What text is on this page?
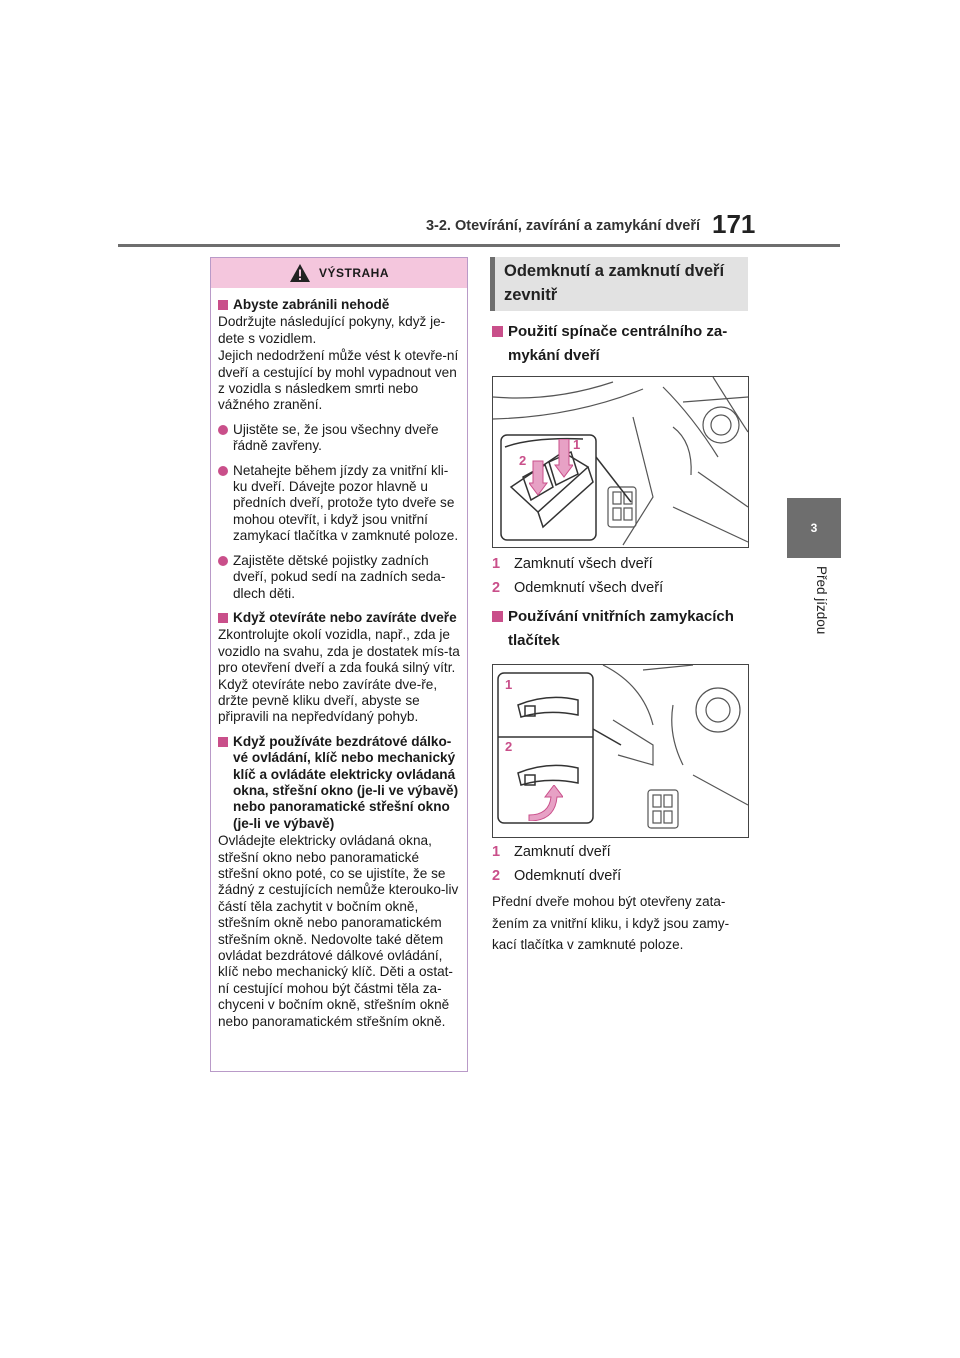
3-2. Otevírání, zavírání a zamykání dveří 171
3
Před jízdou
VÝSTRAHA
Abyste zabránili nehodě
Dodržujte následující pokyny, když je-dete s vozidlem.
Jejich nedodržení může vést k otevře-ní dveří a cestující by mohl vypadnout ven z vozidla s následkem smrti nebo vážného zranění.
Ujistěte se, že jsou všechny dveře řádně zavřeny.
Netahejte během jízdy za vnitřní kli-ku dveří. Dávejte pozor hlavně u předních dveří, protože tyto dveře se mohou otevřít, i když jsou vnitřní zamykací tlačítka v zamknuté poloze.
Zajistěte dětské pojistky zadních dveří, pokud sedí na zadních seda-dlech děti.
Když otevíráte nebo zavíráte dveře
Zkontrolujte okolí vozidla, např., zda je vozidlo na svahu, zda je dostatek mís-ta pro otevření dveří a zda fouká silný vítr. Když otevíráte nebo zavíráte dve-ře, držte pevně kliku dveří, abyste se připravili na nepředvídaný pohyb.
Když používáte bezdrátové dálko-vé ovládání, klíč nebo mechanický klíč a ovládáte elektricky ovládaná okna, střešní okno (je-li ve výbavě) nebo panoramatické střešní okno (je-li ve výbavě)
Ovládejte elektricky ovládaná okna, střešní okno nebo panoramatické střešní okno poté, co se ujistíte, že se žádný z cestujících nemůže kterouko-liv částí těla zachytit v bočním okně, střešním okně nebo panoramatickém střešním okně. Nedovolte také dětem ovládat bezdrátové dálkové ovládání, klíč nebo mechanický klíč. Děti a ostat-ní cestující mohou být částmi těla za-chyceni v bočním okně, střešním okně nebo panoramatickém střešním okně.
Odemknutí a zamknutí dveří zevnitř
Použití spínače centrálního za-mykání dveří
1
2
1 Zamknutí všech dveří
2 Odemknutí všech dveří
Používání vnitřních zamykacích tlačítek
1
2
1 Zamknutí dveří
2 Odemknutí dveří
Přední dveře mohou být otevřeny zata-žením za vnitřní kliku, i když jsou zamy-kací tlačítka v zamknuté poloze.
